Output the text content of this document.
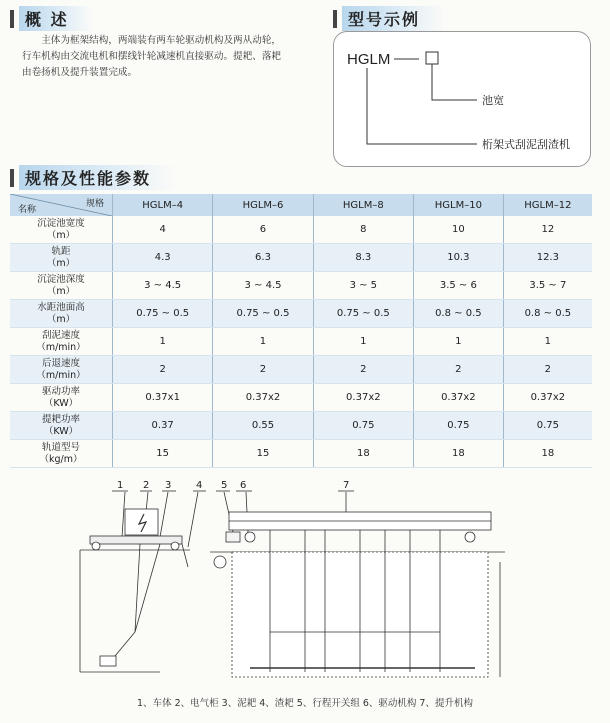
概 述
主体为框架结构，两端装有两车轮驱动机构及两从动轮，行车机构由交流电机和摆线针轮减速机直接驱动。提耙、落耙由卷扬机及提升装置完成。
型号示例
HGLM
池宽
桁架式刮泥刮渣机
规格及性能参数
规格
名称	HGLM–4	HGLM–6	HGLM–8	HGLM–10	HGLM–12

沉淀池宽度
（m）	4	6	8	10	12

轨距
（m）	4.3	6.3	8.3	10.3	12.3

沉淀池深度
（m）	3 ~ 4.5	3 ~ 4.5	3 ~ 5	3.5 ~ 6	3.5 ~ 7

水距池面高
（m）	0.75 ~ 0.5	0.75 ~ 0.5	0.75 ~ 0.5	0.8 ~ 0.5	0.8 ~ 0.5

刮泥速度
（m/min）	1	1	1	1	1

后退速度
（m/min）	2	2	2	2	2

驱动功率
（KW）	0.37x1	0.37x2	0.37x2	0.37x2	0.37x2

提耙功率
（KW）	0.37	0.55	0.75	0.75	0.75

轨道型号
（kg/m）	15	15	18	18	18
1 2 3 4 5 6	7
1、车体 2、电气柜 3、泥耙 4、渣耙 5、行程开关组 6、驱动机构 7、提升机构
